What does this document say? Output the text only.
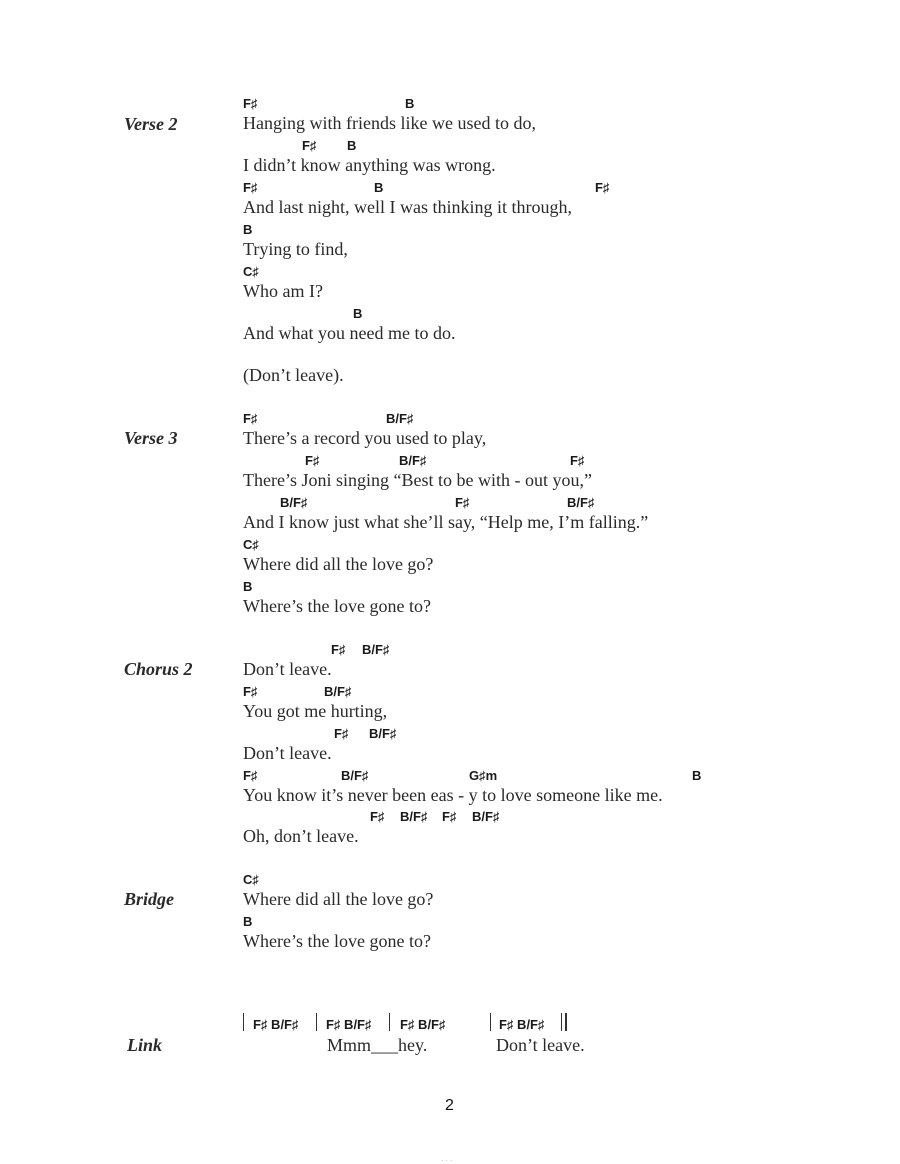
Verse 2
F♯	B
Hanging with friends like we used to do,
F♯ B
I didn’t know anything was wrong.
F♯	B	F♯
And last night, well I was thinking it through,
B
Trying to find,
C♯
Who am I?
B
And what you need me to do.
(Don’t leave).
Verse 3
F♯	B/F♯
There’s a record you used to play,
F♯	B/F♯	F♯
There’s Joni singing “Best to be with - out you,”
B/F♯	F♯	B/F♯
And I know just what she’ll say, “Help me, I’m falling.”
C♯
Where did all the love go?
B
Where’s the love gone to?
Chorus 2
F♯ B/F♯
Don’t leave.
F♯	B/F♯
You got me hurting,
F♯ B/F♯
Don’t leave.
F♯	B/F♯	G♯m	B
You know it’s never been eas - y to love someone like me.
F♯ B/F♯ F♯ B/F♯
Oh, don’t leave.
Bridge
C♯
Where did all the love go?
B
Where’s the love gone to?
Link
F♯ B/F♯ F♯ B/F♯ F♯ B/F♯	F♯ B/F♯
Mmm___hey.	Don’t leave.
2
...
